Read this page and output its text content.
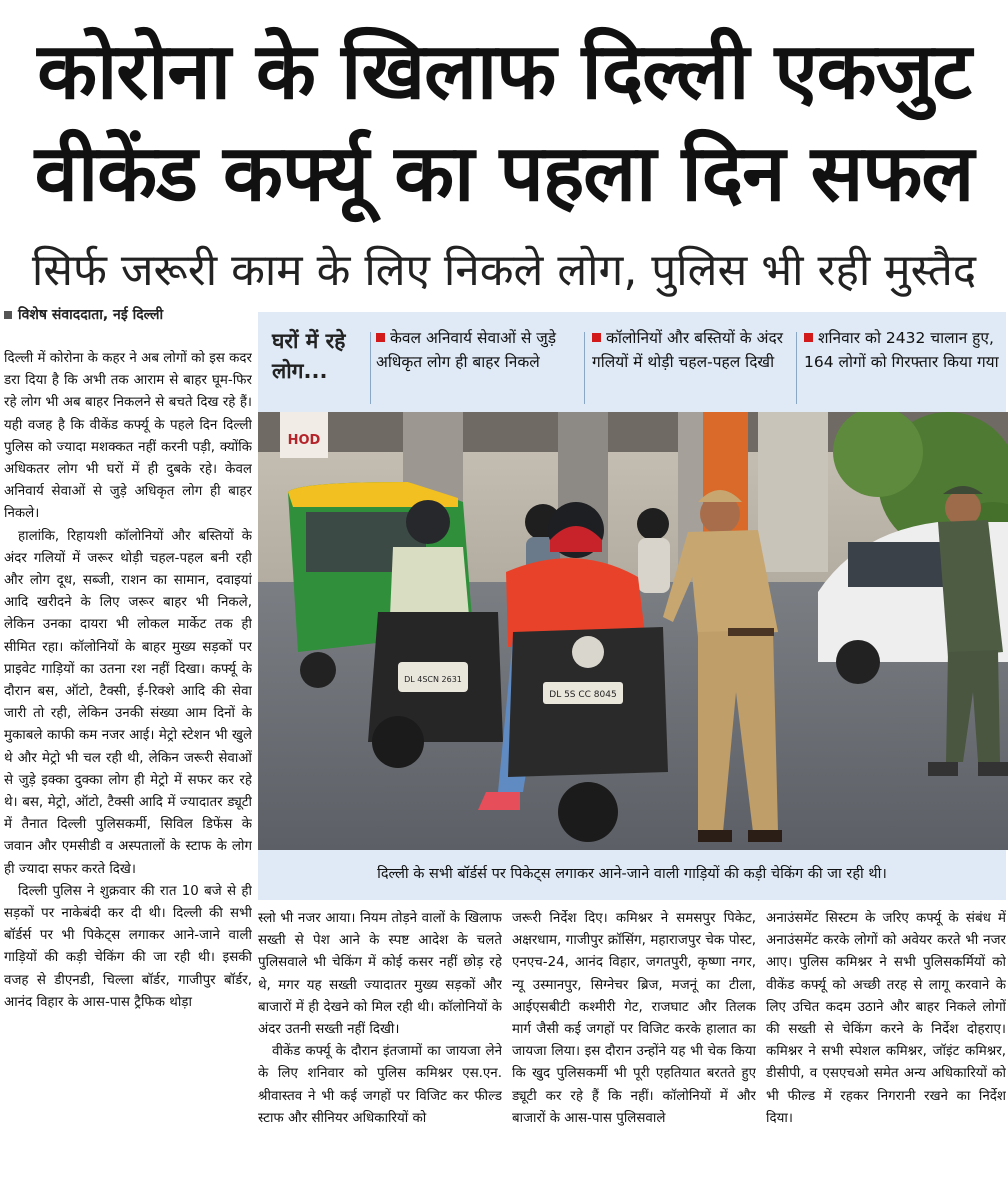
कोरोना के खिलाफ दिल्ली एकजुट
वीकेंड कर्फ्यू का पहला दिन सफल
सिर्फ जरूरी काम के लिए निकले लोग, पुलिस भी रही मुस्तैद
विशेष संवाददाता, नई दिल्ली

दिल्ली में कोरोना के कहर ने अब लोगों को इस कदर डरा दिया है कि अभी तक आराम से बाहर घूम-फिर रहे लोग भी अब बाहर निकलने से बचते दिख रहे हैं। यही वजह है कि वीकेंड कर्फ्यू के पहले दिन दिल्ली पुलिस को ज्यादा मशक्कत नहीं करनी पड़ी, क्योंकि अधिकतर लोग भी घरों में ही दुबके रहे। केवल अनिवार्य सेवाओं से जुड़े अधिकृत लोग ही बाहर निकले।

हालांकि, रिहायशी कॉलोनियों और बस्तियों के अंदर गलियों में जरूर थोड़ी चहल-पहल बनी रही और लोग दूध, सब्जी, राशन का सामान, दवाइयां आदि खरीदने के लिए जरूर बाहर भी निकले, लेकिन उनका दायरा भी लोकल मार्केट तक ही सीमित रहा। कॉलोनियों के बाहर मुख्य सड़कों पर प्राइवेट गाड़ियों का उतना रश नहीं दिखा। कर्फ्यू के दौरान बस, ऑटो, टैक्सी, ई-रिक्शे आदि की सेवा जारी तो रही, लेकिन उनकी संख्या आम दिनों के मुकाबले काफी कम नजर आई। मेट्रो स्टेशन भी खुले थे और मेट्रो भी चल रही थी, लेकिन जरूरी सेवाओं से जुड़े इक्का दुक्का लोग ही मेट्रो में सफर कर रहे थे। बस, मेट्रो, ऑटो, टैक्सी आदि में ज्यादातर ड्यूटी में तैनात दिल्ली पुलिसकर्मी, सिविल डिफेंस के जवान और एमसीडी व अस्पतालों के स्टाफ के लोग ही ज्यादा सफर करते दिखे।

दिल्ली पुलिस ने शुक्रवार की रात 10 बजे से ही सड़कों पर नाकेबंदी कर दी थी। दिल्ली की सभी बॉर्डर्स पर भी पिकेट्स लगाकर आने-जाने वाली गाड़ियों की कड़ी चेकिंग की जा रही थी। इसकी वजह से डीएनडी, चिल्ला बॉर्डर, गाजीपुर बॉर्डर, आनंद विहार के आस-पास ट्रैफिक थोड़ा

घरों में रहे लोग...
केवल अनिवार्य सेवाओं से जुड़े अधिकृत लोग ही बाहर निकले
कॉलोनियों और बस्तियों के अंदर गलियों में थोड़ी चहल-पहल दिखी
शनिवार को 2432 चालान हुए, 164 लोगों को गिरफ्तार किया गया
HOD
DL 4SCN 2631
DL 5S CC 8045
दिल्ली के सभी बॉर्डर्स पर पिकेट्स लगाकर आने-जाने वाली गाड़ियों की कड़ी चेकिंग की जा रही थी।

स्लो भी नजर आया। नियम तोड़ने वालों के खिलाफ सख्ती से पेश आने के स्पष्ट आदेश के चलते पुलिसवाले भी चेकिंग में कोई कसर नहीं छोड़ रहे थे, मगर यह सख्ती ज्यादातर मुख्य सड़कों और बाजारों में ही देखने को मिल रही थी। कॉलोनियों के अंदर उतनी सख्ती नहीं दिखी।

वीकेंड कर्फ्यू के दौरान इंतजामों का जायजा लेने के लिए शनिवार को पुलिस कमिश्नर एस.एन. श्रीवास्तव ने भी कई जगहों पर विजिट कर फील्ड स्टाफ और सीनियर अधिकारियों को

जरूरी निर्देश दिए। कमिश्नर ने समसपुर पिकेट, अक्षरधाम, गाजीपुर क्रॉसिंग, महाराजपुर चेक पोस्ट, एनएच-24, आनंद विहार, जगतपुरी, कृष्णा नगर, न्यू उस्मानपुर, सिग्नेचर ब्रिज, मजनूं का टीला, आईएसबीटी कश्मीरी गेट, राजघाट और तिलक मार्ग जैसी कई जगहों पर विजिट करके हालात का जायजा लिया। इस दौरान उन्होंने यह भी चेक किया कि खुद पुलिसकर्मी भी पूरी एहतियात बरतते हुए ड्यूटी कर रहे हैं कि नहीं। कॉलोनियों में और बाजारों के आस-पास पुलिसवाले

अनाउंसमेंट सिस्टम के जरिए कर्फ्यू के संबंध में अनाउंसमेंट करके लोगों को अवेयर करते भी नजर आए। पुलिस कमिश्नर ने सभी पुलिसकर्मियों को वीकेंड कर्फ्यू को अच्छी तरह से लागू करवाने के लिए उचित कदम उठाने और बाहर निकले लोगों की सख्ती से चेकिंग करने के निर्देश दोहराए। कमिश्नर ने सभी स्पेशल कमिश्नर, जॉइंट कमिश्नर, डीसीपी, व एसएचओ समेत अन्य अधिकारियों को भी फील्ड में रहकर निगरानी रखने का निर्देश दिया।
